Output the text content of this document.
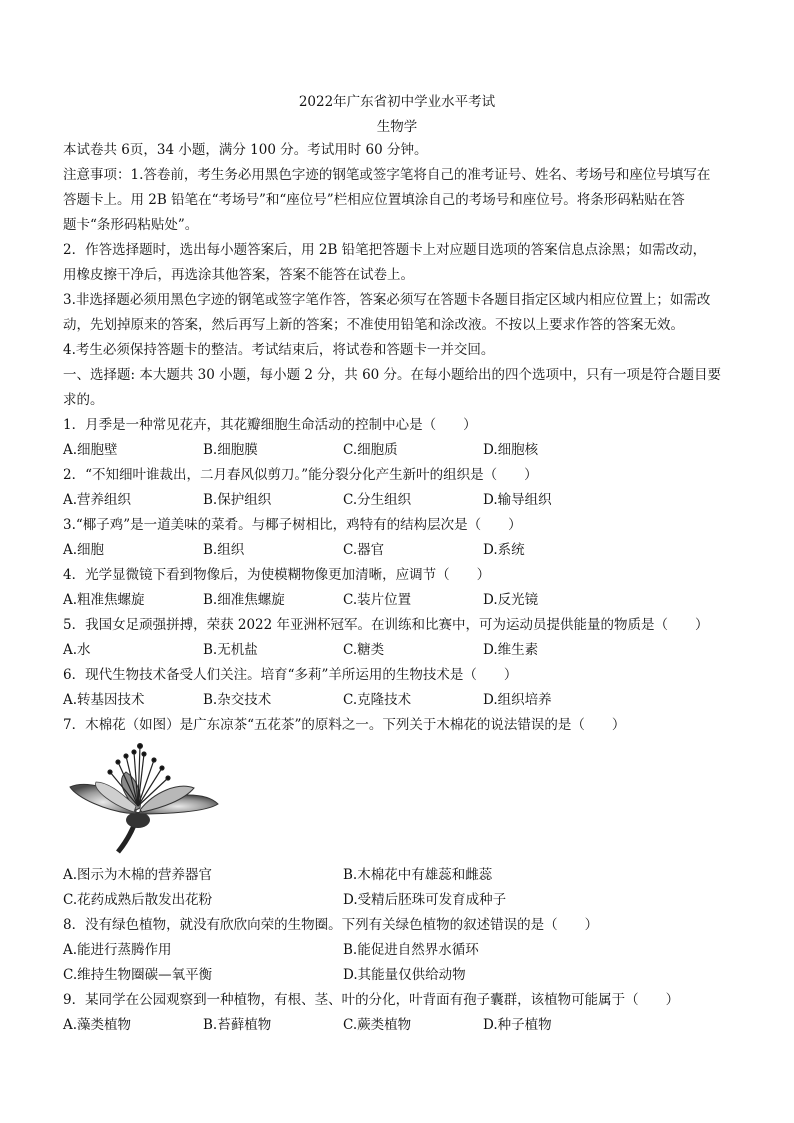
2022年广东省初中学业水平考试
生物学
本试卷共 6页，34 小题，满分 100 分。考试用时 60 分钟。
注意事项：1.答卷前，考生务必用黑色字迹的钢笔或签字笔将自己的准考证号、姓名、考场号和座位号填写在
答题卡上。用 2B 铅笔在“考场号”和“座位号”栏相应位置填涂自己的考场号和座位号。将条形码粘贴在答
题卡“条形码粘贴处”。
2．作答选择题时，选出每小题答案后，用 2B 铅笔把答题卡上对应题目选项的答案信息点涂黑；如需改动，
用橡皮擦干净后，再选涂其他答案，答案不能答在试卷上。
3.非选择题必须用黑色字迹的钢笔或签字笔作答，答案必须写在答题卡各题目指定区域内相应位置上；如需改
动，先划掉原来的答案，然后再写上新的答案；不准使用铅笔和涂改液。不按以上要求作答的答案无效。
4.考生必须保持答题卡的整洁。考试结束后，将试卷和答题卡一并交回。
一、选择题: 本大题共 30 小题，每小题 2 分，共 60 分。在每小题给出的四个选项中，只有一项是符合题目要
求的。
1．月季是一种常见花卉，其花瓣细胞生命活动的控制中心是（　　）
A.细胞壁	B.细胞膜	C.细胞质	D.细胞核
2．“不知细叶谁裁出，二月春风似剪刀。”能分裂分化产生新叶的组织是（　　）
A.营养组织	B.保护组织	C.分生组织	D.输导组织
3.“椰子鸡”是一道美味的菜肴。与椰子树相比，鸡特有的结构层次是（　　）
A.细胞	B.组织	C.器官	D.系统
4．光学显微镜下看到物像后，为使模糊物像更加清晰，应调节（　　）
A.粗准焦螺旋	B.细准焦螺旋	C.装片位置	D.反光镜
5．我国女足顽强拼搏，荣获 2022 年亚洲杯冠军。在训练和比赛中，可为运动员提供能量的物质是（　　）
A.水	B.无机盐	C.糖类	D.维生素
6．现代生物技术备受人们关注。培育“多莉”羊所运用的生物技术是（　　）
A.转基因技术	B.杂交技术	C.克隆技术	D.组织培养
7．木棉花（如图）是广东凉茶“五花茶”的原料之一。下列关于木棉花的说法错误的是（　　）
A.图示为木棉的营养器官	B.木棉花中有雄蕊和雌蕊
C.花药成熟后散发出花粉	D.受精后胚珠可发育成种子
8．没有绿色植物，就没有欣欣向荣的生物圈。下列有关绿色植物的叙述错误的是（　　）
A.能进行蒸腾作用	B.能促进自然界水循环
C.维持生物圈碳—氧平衡	D.其能量仅供给动物
9．某同学在公园观察到一种植物，有根、茎、叶的分化，叶背面有孢子囊群，该植物可能属于（　　）
A.藻类植物	B.苔藓植物	C.蕨类植物	D.种子植物
